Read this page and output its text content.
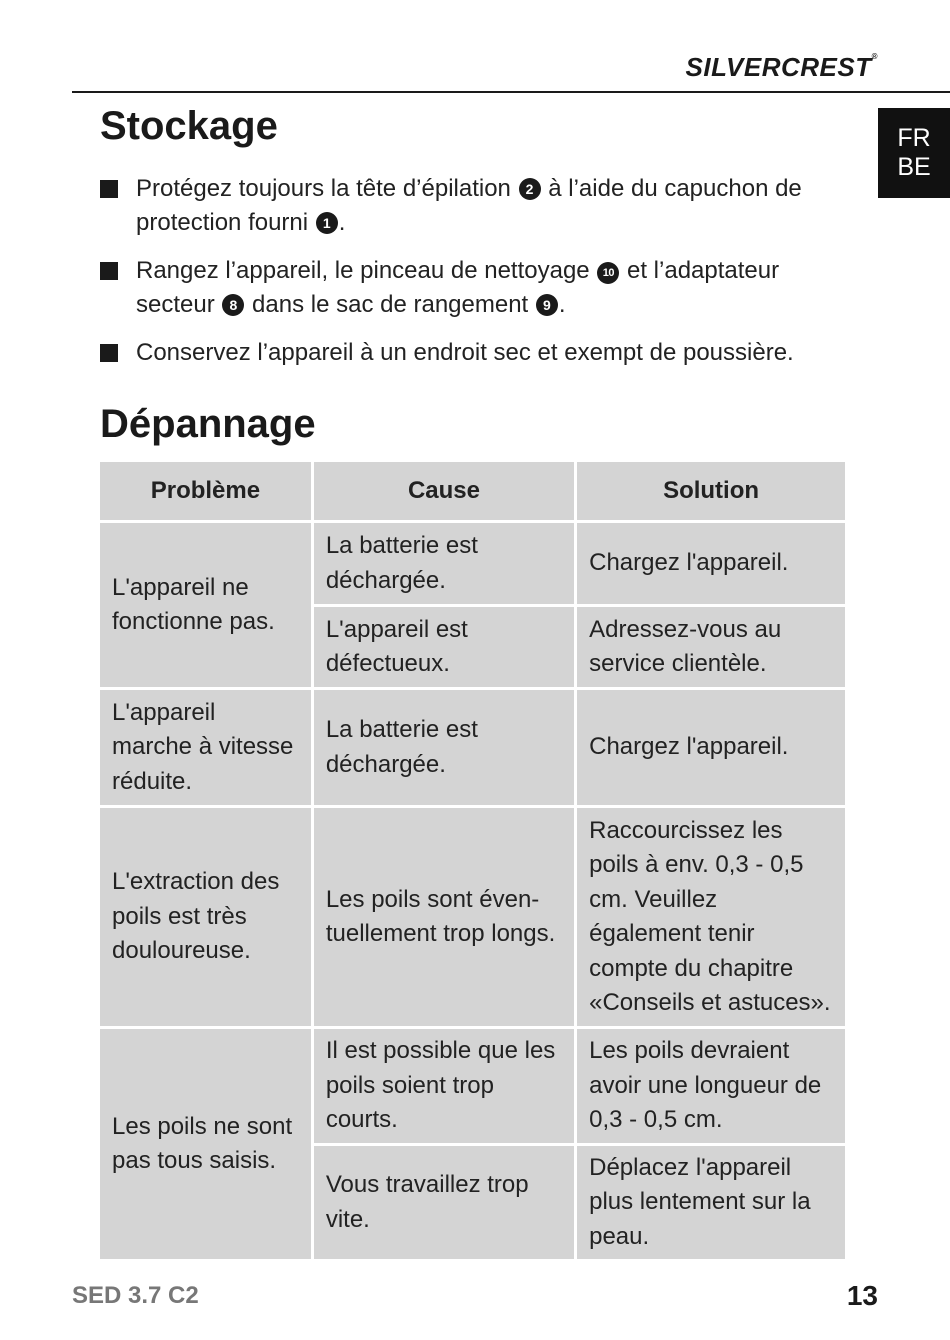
SILVERCREST®
FR
BE
Stockage
Protégez toujours la tête d’épilation 2 à l’aide du capuchon de protection fourni 1 .
Rangez l’appareil, le pinceau de nettoyage 10 et l’adaptateur secteur 8 dans le sac de rangement 9 .
Conservez l’appareil à un endroit sec et exempt de poussière.
Dépannage
Problème	Cause	Solution
L'appareil ne fonctionne pas.	La batterie est déchargée.	Chargez l'appareil.
	L'appareil est défectueux.	Adressez-vous au service clientèle.
L'appareil marche à vitesse réduite.	La batterie est déchargée.	Chargez l'appareil.
L'extraction des poils est très douloureuse.	Les poils sont éven-tuellement trop longs.	Raccourcissez les poils à env. 0,3 - 0,5 cm. Veuillez également tenir compte du chapitre «Conseils et astuces».
Les poils ne sont pas tous saisis.	Il est possible que les poils soient trop courts.	Les poils devraient avoir une longueur de 0,3 - 0,5 cm.
	Vous travaillez trop vite.	Déplacez l'appareil plus lentement sur la peau.
SED 3.7 C2	13
